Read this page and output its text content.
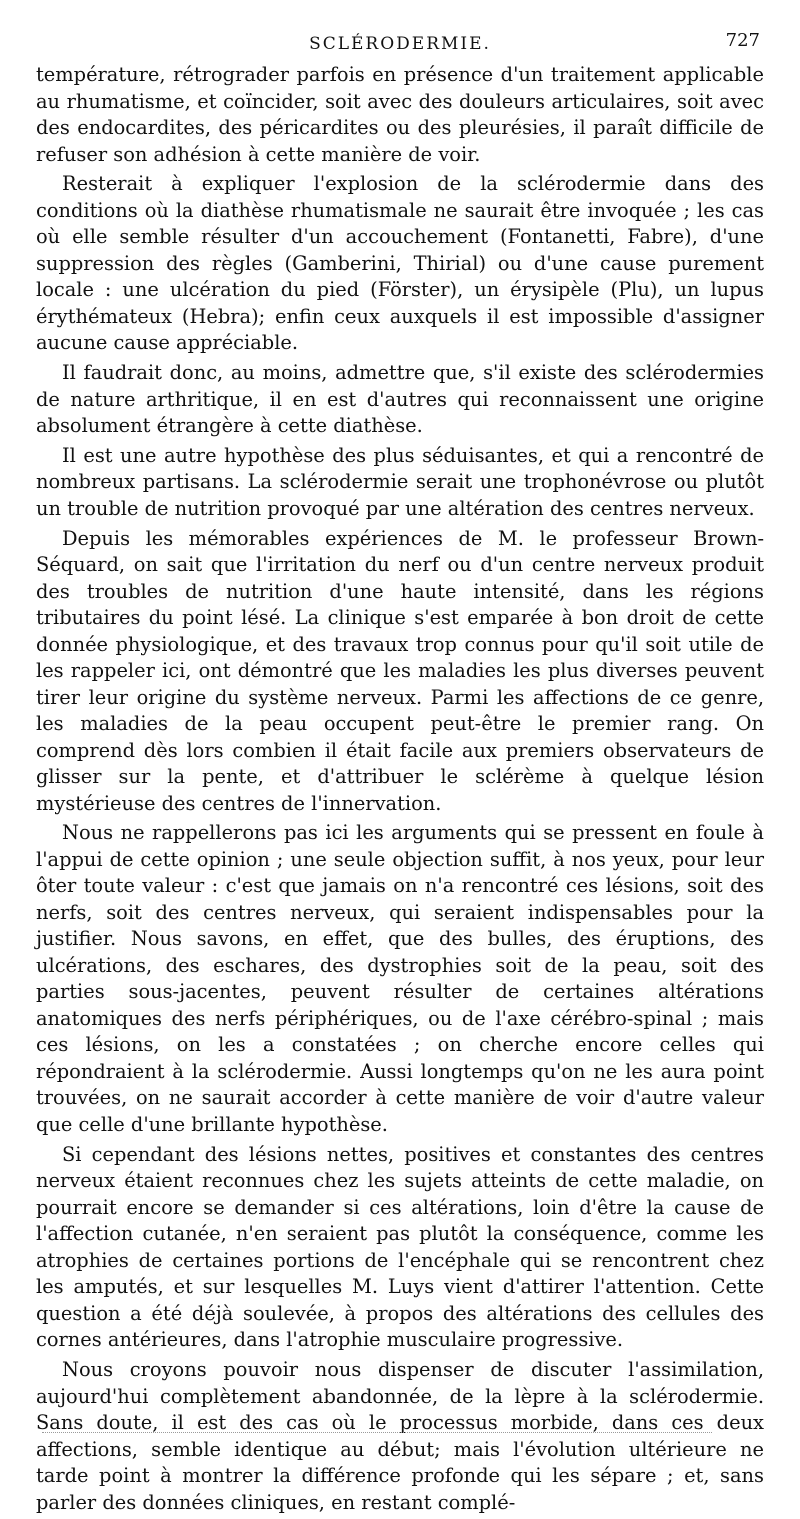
SCLÉRODERMIE.	727

température, rétrograder parfois en présence d'un traitement applicable au rhumatisme, et coïncider, soit avec des douleurs articulaires, soit avec des endocardites, des péricardites ou des pleurésies, il paraît difficile de refuser son adhésion à cette manière de voir.

Resterait à expliquer l'explosion de la sclérodermie dans des conditions où la diathèse rhumatismale ne saurait être invoquée ; les cas où elle semble résulter d'un accouchement (Fontanetti, Fabre), d'une suppression des règles (Gamberini, Thirial) ou d'une cause purement locale : une ulcération du pied (Förster), un érysipèle (Plu), un lupus érythémateux (Hebra); enfin ceux auxquels il est impossible d'assigner aucune cause appréciable.

Il faudrait donc, au moins, admettre que, s'il existe des sclérodermies de nature arthritique, il en est d'autres qui reconnaissent une origine absolument étrangère à cette diathèse.

Il est une autre hypothèse des plus séduisantes, et qui a rencontré de nombreux partisans. La sclérodermie serait une trophonévrose ou plutôt un trouble de nutrition provoqué par une altération des centres nerveux.

Depuis les mémorables expériences de M. le professeur Brown-Séquard, on sait que l'irritation du nerf ou d'un centre nerveux produit des troubles de nutrition d'une haute intensité, dans les régions tributaires du point lésé. La clinique s'est emparée à bon droit de cette donnée physiologique, et des travaux trop connus pour qu'il soit utile de les rappeler ici, ont démontré que les maladies les plus diverses peuvent tirer leur origine du système nerveux. Parmi les affections de ce genre, les maladies de la peau occupent peut-être le premier rang. On comprend dès lors combien il était facile aux premiers observateurs de glisser sur la pente, et d'attribuer le sclérème à quelque lésion mystérieuse des centres de l'innervation.

Nous ne rappellerons pas ici les arguments qui se pressent en foule à l'appui de cette opinion ; une seule objection suffit, à nos yeux, pour leur ôter toute valeur : c'est que jamais on n'a rencontré ces lésions, soit des nerfs, soit des centres nerveux, qui seraient indispensables pour la justifier. Nous savons, en effet, que des bulles, des éruptions, des ulcérations, des eschares, des dystrophies soit de la peau, soit des parties sous-jacentes, peuvent résulter de certaines altérations anatomiques des nerfs périphériques, ou de l'axe cérébro-spinal ; mais ces lésions, on les a constatées ; on cherche encore celles qui répondraient à la sclérodermie. Aussi longtemps qu'on ne les aura point trouvées, on ne saurait accorder à cette manière de voir d'autre valeur que celle d'une brillante hypothèse.

Si cependant des lésions nettes, positives et constantes des centres nerveux étaient reconnues chez les sujets atteints de cette maladie, on pourrait encore se demander si ces altérations, loin d'être la cause de l'affection cutanée, n'en seraient pas plutôt la conséquence, comme les atrophies de certaines portions de l'encéphale qui se rencontrent chez les amputés, et sur lesquelles M. Luys vient d'attirer l'attention. Cette question a été déjà soulevée, à propos des altérations des cellules des cornes antérieures, dans l'atrophie musculaire progressive.

Nous croyons pouvoir nous dispenser de discuter l'assimilation, aujourd'hui complètement abandonnée, de la lèpre à la sclérodermie. Sans doute, il est des cas où le processus morbide, dans ces deux affections, semble identique au début; mais l'évolution ultérieure ne tarde point à montrer la différence profonde qui les sépare ; et, sans parler des données cliniques, en restant complé-
